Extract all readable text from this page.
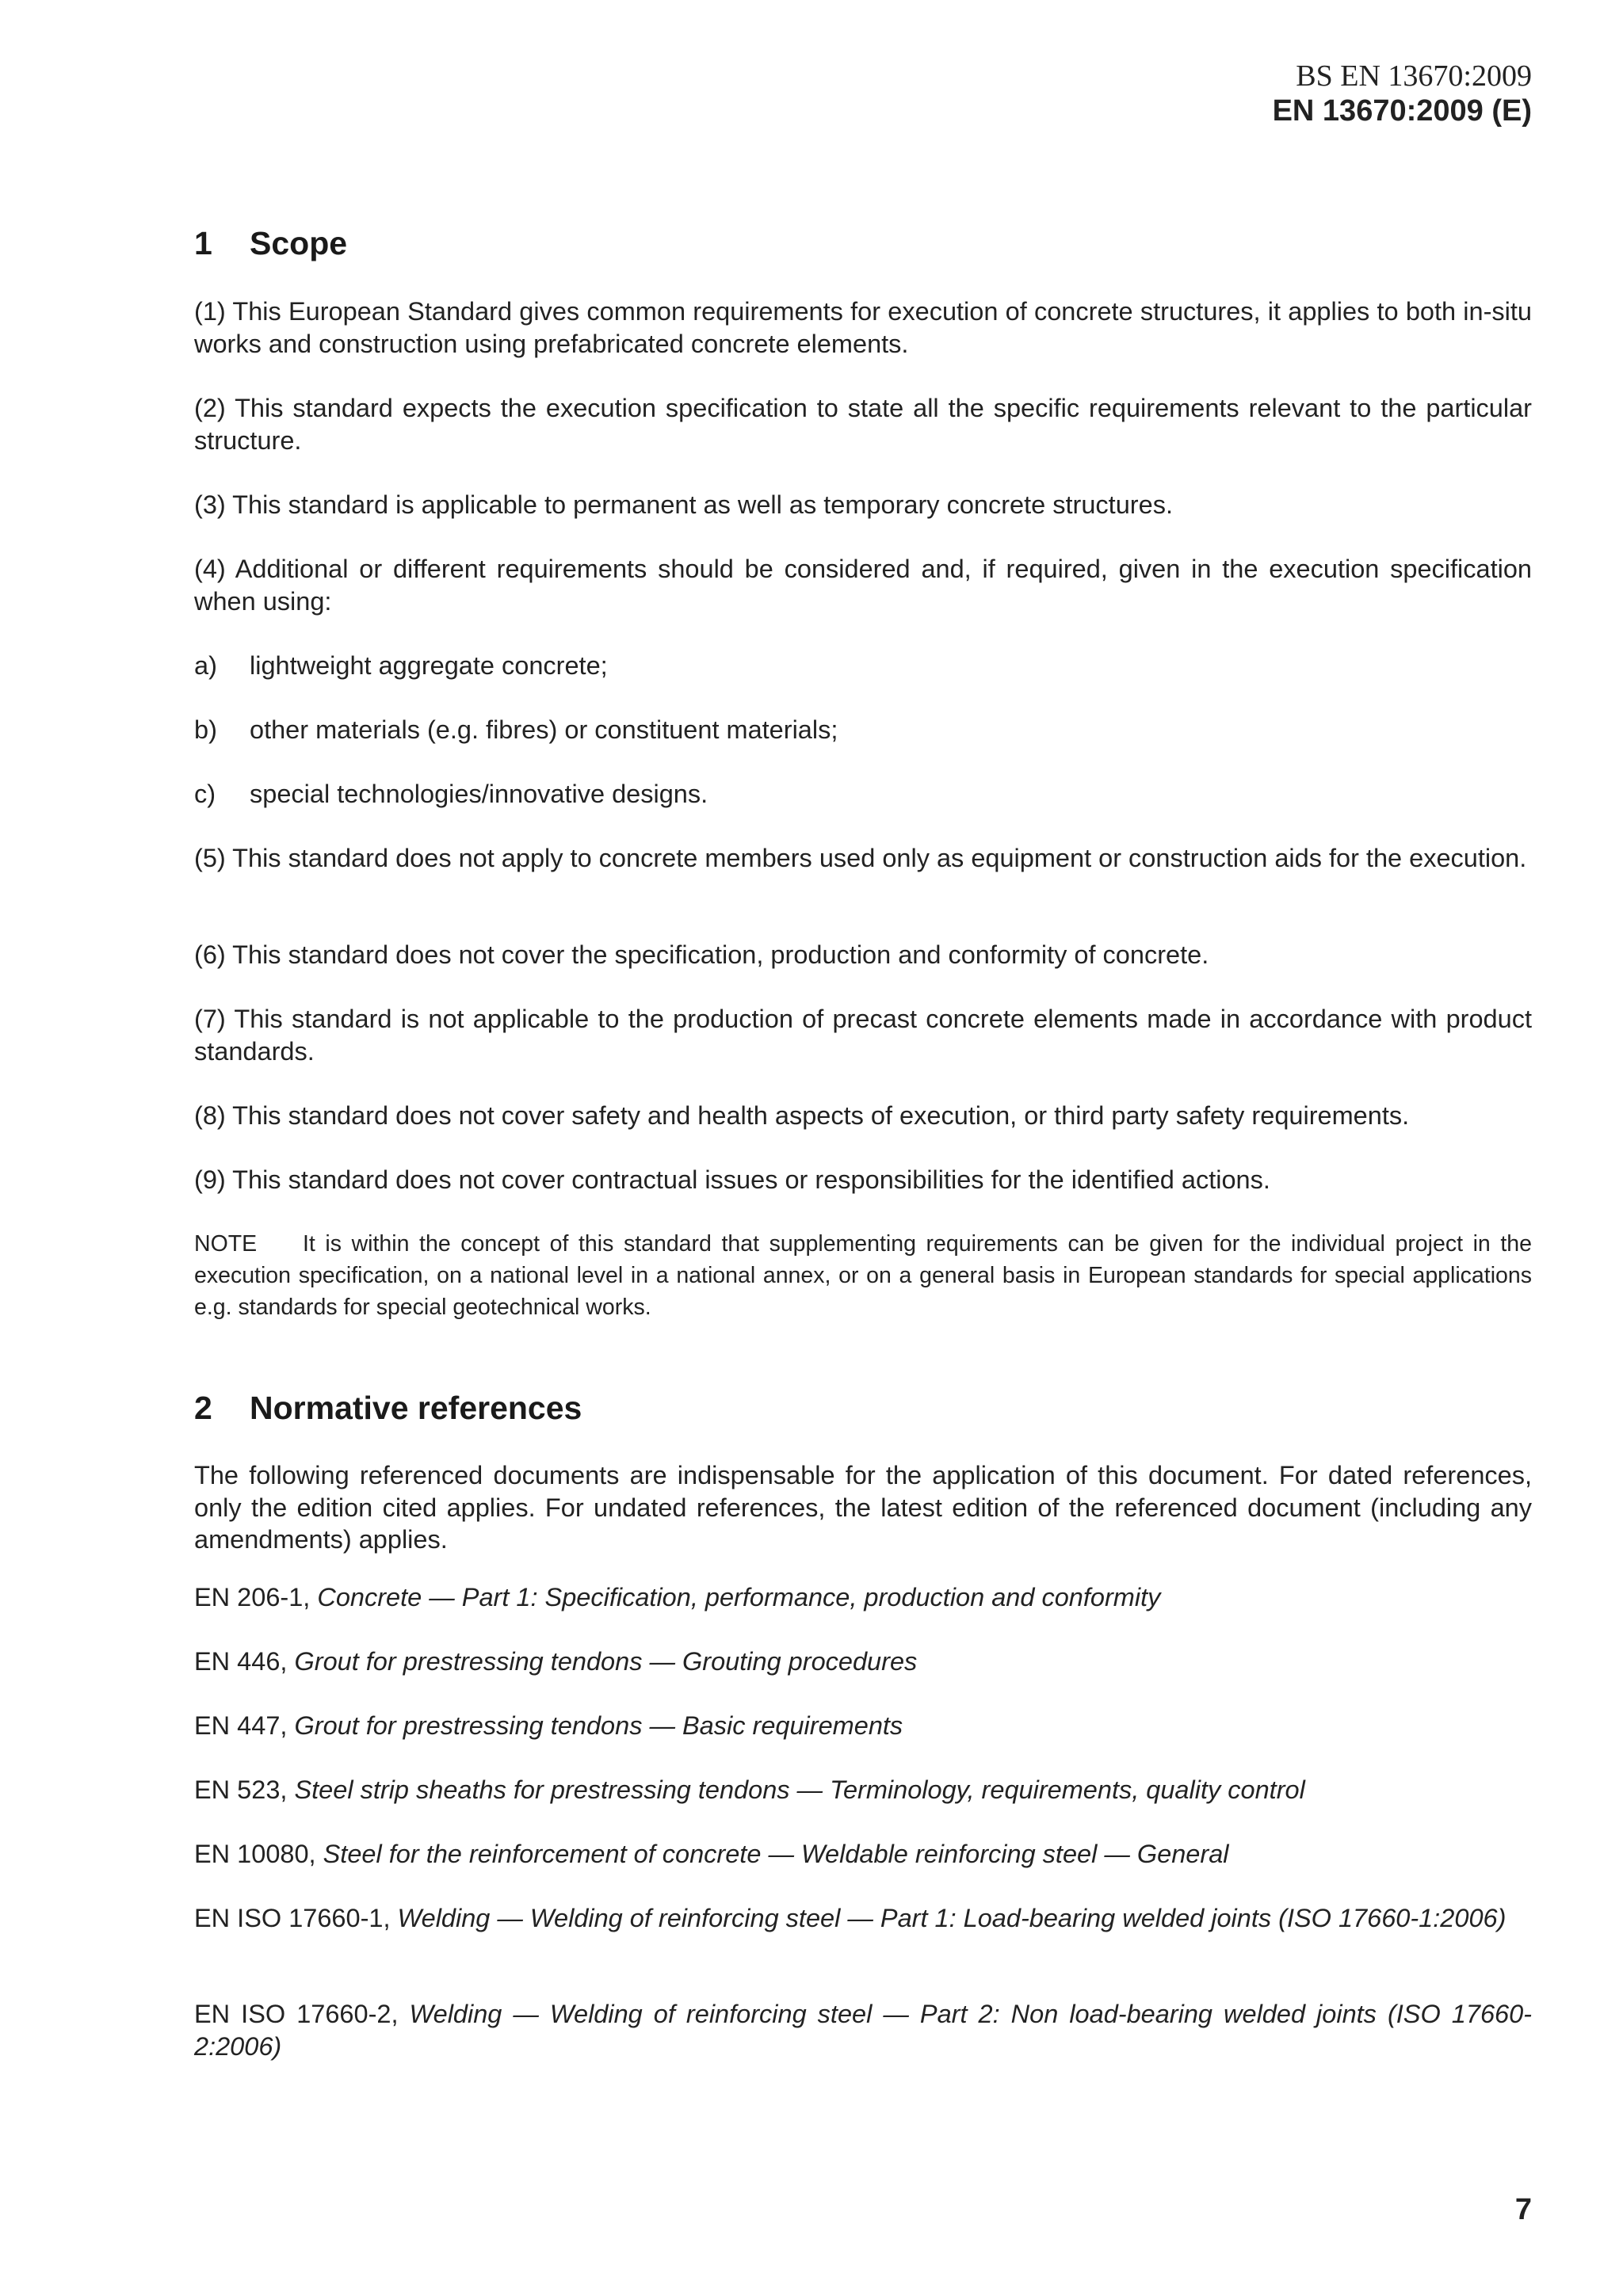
BS EN 13670:2009
EN 13670:2009 (E)
1 Scope
(1) This European Standard gives common requirements for execution of concrete structures, it applies to both in-situ works and construction using prefabricated concrete elements.
(2) This standard expects the execution specification to state all the specific requirements relevant to the particular structure.
(3) This standard is applicable to permanent as well as temporary concrete structures.
(4) Additional or different requirements should be considered and, if required, given in the execution specification when using:
a) lightweight aggregate concrete;
b) other materials (e.g. fibres) or constituent materials;
c) special technologies/innovative designs.
(5) This standard does not apply to concrete members used only as equipment or construction aids for the execution.
(6) This standard does not cover the specification, production and conformity of concrete.
(7) This standard is not applicable to the production of precast concrete elements made in accordance with product standards.
(8) This standard does not cover safety and health aspects of execution, or third party safety requirements.
(9) This standard does not cover contractual issues or responsibilities for the identified actions.
NOTE It is within the concept of this standard that supplementing requirements can be given for the individual project in the execution specification, on a national level in a national annex, or on a general basis in European standards for special applications e.g. standards for special geotechnical works.
2 Normative references
The following referenced documents are indispensable for the application of this document. For dated references, only the edition cited applies. For undated references, the latest edition of the referenced document (including any amendments) applies.
EN 206-1, Concrete — Part 1: Specification, performance, production and conformity
EN 446, Grout for prestressing tendons — Grouting procedures
EN 447, Grout for prestressing tendons — Basic requirements
EN 523, Steel strip sheaths for prestressing tendons — Terminology, requirements, quality control
EN 10080, Steel for the reinforcement of concrete — Weldable reinforcing steel — General
EN ISO 17660-1, Welding — Welding of reinforcing steel — Part 1: Load-bearing welded joints (ISO 17660-1:2006)
EN ISO 17660-2, Welding — Welding of reinforcing steel — Part 2: Non load-bearing welded joints (ISO 17660-2:2006)
7
